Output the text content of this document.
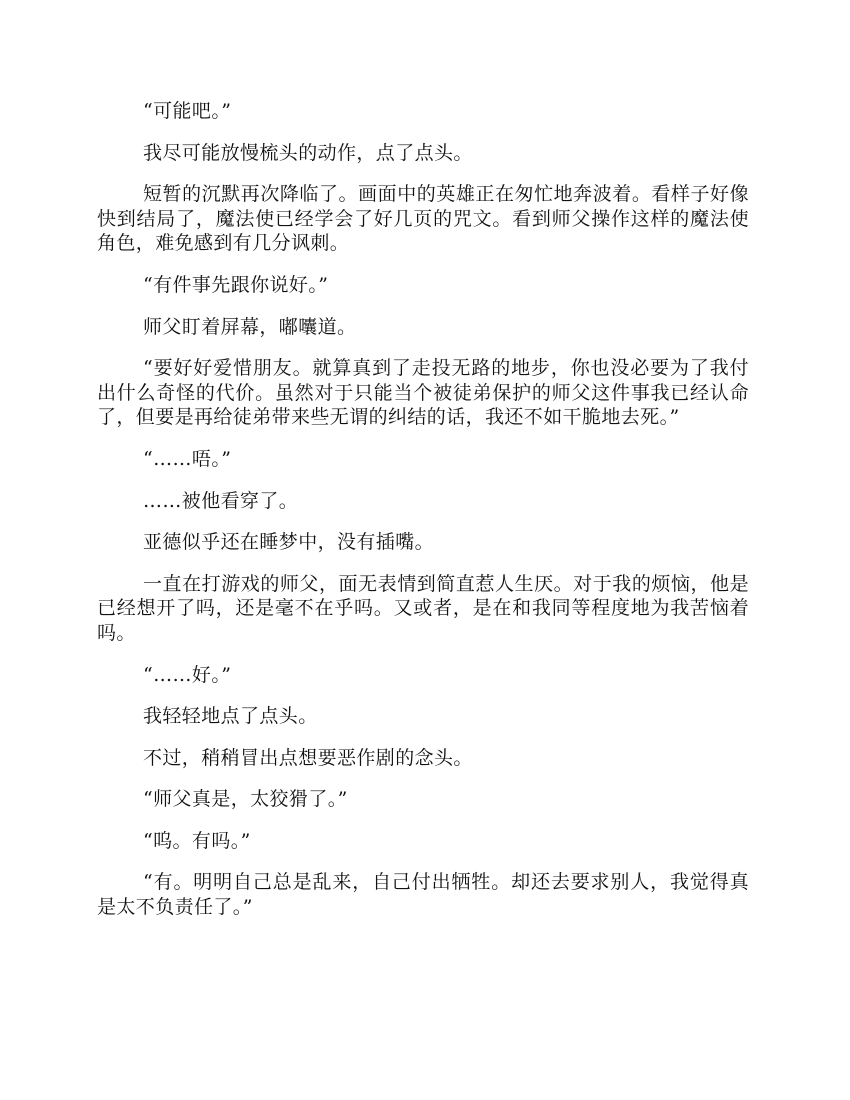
“可能吧。”

我尽可能放慢梳头的动作，点了点头。

短暂的沉默再次降临了。画面中的英雄正在匆忙地奔波着。看样子好像快到结局了，魔法使已经学会了好几页的咒文。看到师父操作这样的魔法使角色，难免感到有几分讽刺。

“有件事先跟你说好。”

师父盯着屏幕，嘟囔道。

“要好好爱惜朋友。就算真到了走投无路的地步，你也没必要为了我付出什么奇怪的代价。虽然对于只能当个被徒弟保护的师父这件事我已经认命了，但要是再给徒弟带来些无谓的纠结的话，我还不如干脆地去死。”

“……唔。”

……被他看穿了。

亚德似乎还在睡梦中，没有插嘴。

一直在打游戏的师父，面无表情到简直惹人生厌。对于我的烦恼，他是已经想开了吗，还是毫不在乎吗。又或者，是在和我同等程度地为我苦恼着吗。

“……好。”

我轻轻地点了点头。

不过，稍稍冒出点想要恶作剧的念头。

“师父真是，太狡猾了。”

“呜。有吗。”

“有。明明自己总是乱来，自己付出牺牲。却还去要求别人，我觉得真是太不负责任了。”
